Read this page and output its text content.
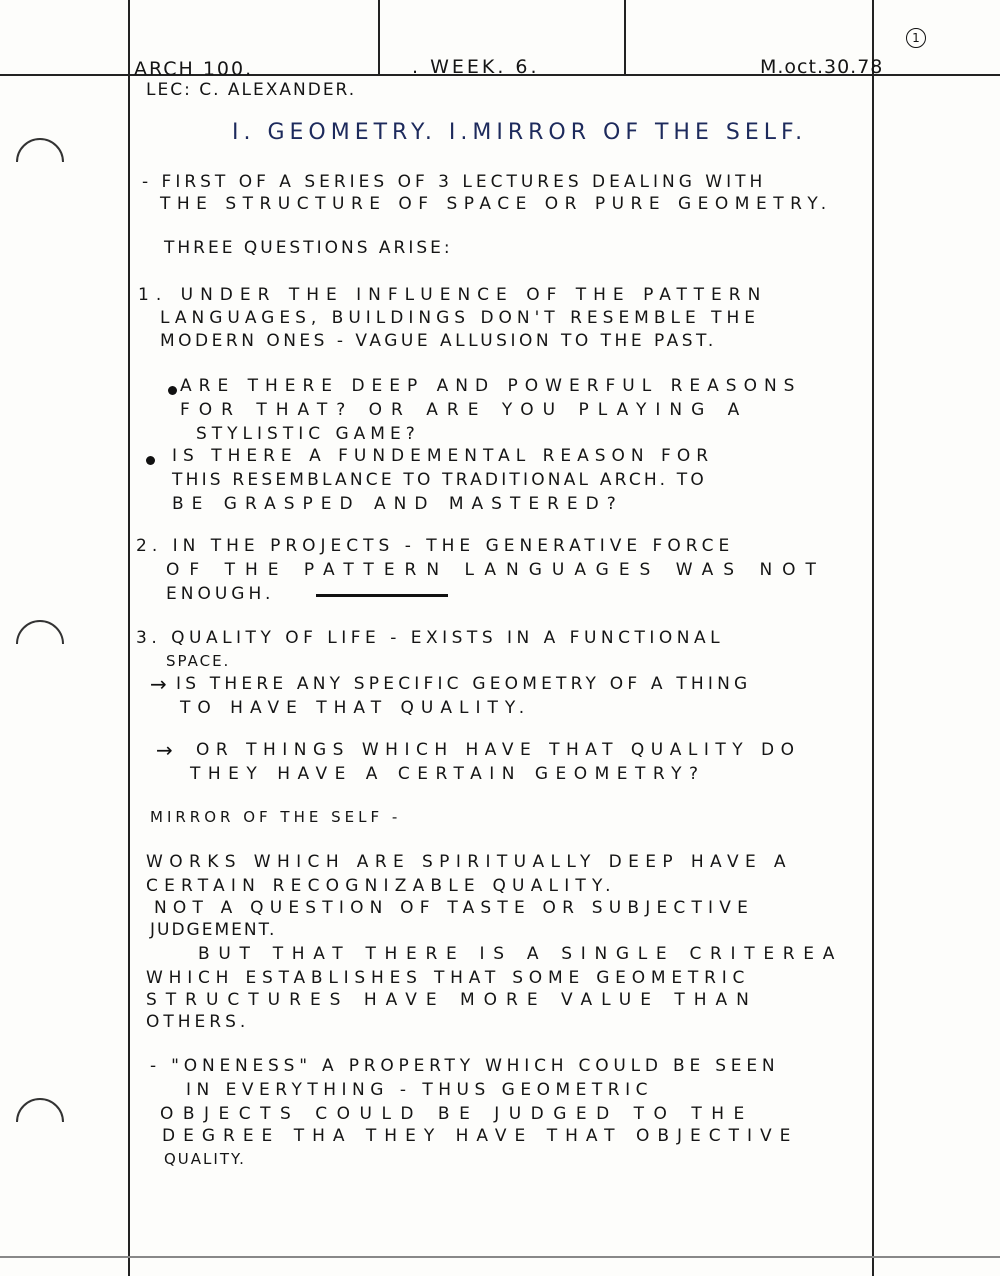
ARCH 100.	. WEEK. 6.	M.oct.30.78
1
LEC: C. ALEXANDER.
I. GEOMETRY. I.MIRROR OF THE SELF.
- FIRST OF A SERIES OF 3 LECTURES DEALING WITH
THE STRUCTURE OF SPACE OR PURE GEOMETRY.
THREE QUESTIONS ARISE:
1. UNDER THE INFLUENCE OF THE PATTERN
LANGUAGES, BUILDINGS DON'T RESEMBLE THE
MODERN ONES - VAGUE ALLUSION TO THE PAST.
ARE THERE DEEP AND POWERFUL REASONS
FOR THAT? OR ARE YOU PLAYING A
STYLISTIC GAME?
IS THERE A FUNDEMENTAL REASON FOR
THIS RESEMBLANCE TO TRADITIONAL ARCH. TO
BE GRASPED AND MASTERED?
2. IN THE PROJECTS - THE GENERATIVE FORCE
OF THE PATTERN LANGUAGES WAS NOT
ENOUGH.
3. QUALITY OF LIFE - EXISTS IN A FUNCTIONAL
SPACE.
→ IS THERE ANY SPECIFIC GEOMETRY OF A THING
TO HAVE THAT QUALITY.
→ OR THINGS WHICH HAVE THAT QUALITY DO
THEY HAVE A CERTAIN GEOMETRY?
MIRROR OF THE SELF -
WORKS WHICH ARE SPIRITUALLY DEEP HAVE A
CERTAIN RECOGNIZABLE QUALITY.
NOT A QUESTION OF TASTE OR SUBJECTIVE
JUDGEMENT.
BUT THAT THERE IS A SINGLE CRITEREA
WHICH ESTABLISHES THAT SOME GEOMETRIC
STRUCTURES HAVE MORE VALUE THAN
OTHERS.
- "ONENESS" A PROPERTY WHICH COULD BE SEEN
IN EVERYTHING - THUS GEOMETRIC
OBJECTS COULD BE JUDGED TO THE
DEGREE THA THEY HAVE THAT OBJECTIVE
QUALITY.
